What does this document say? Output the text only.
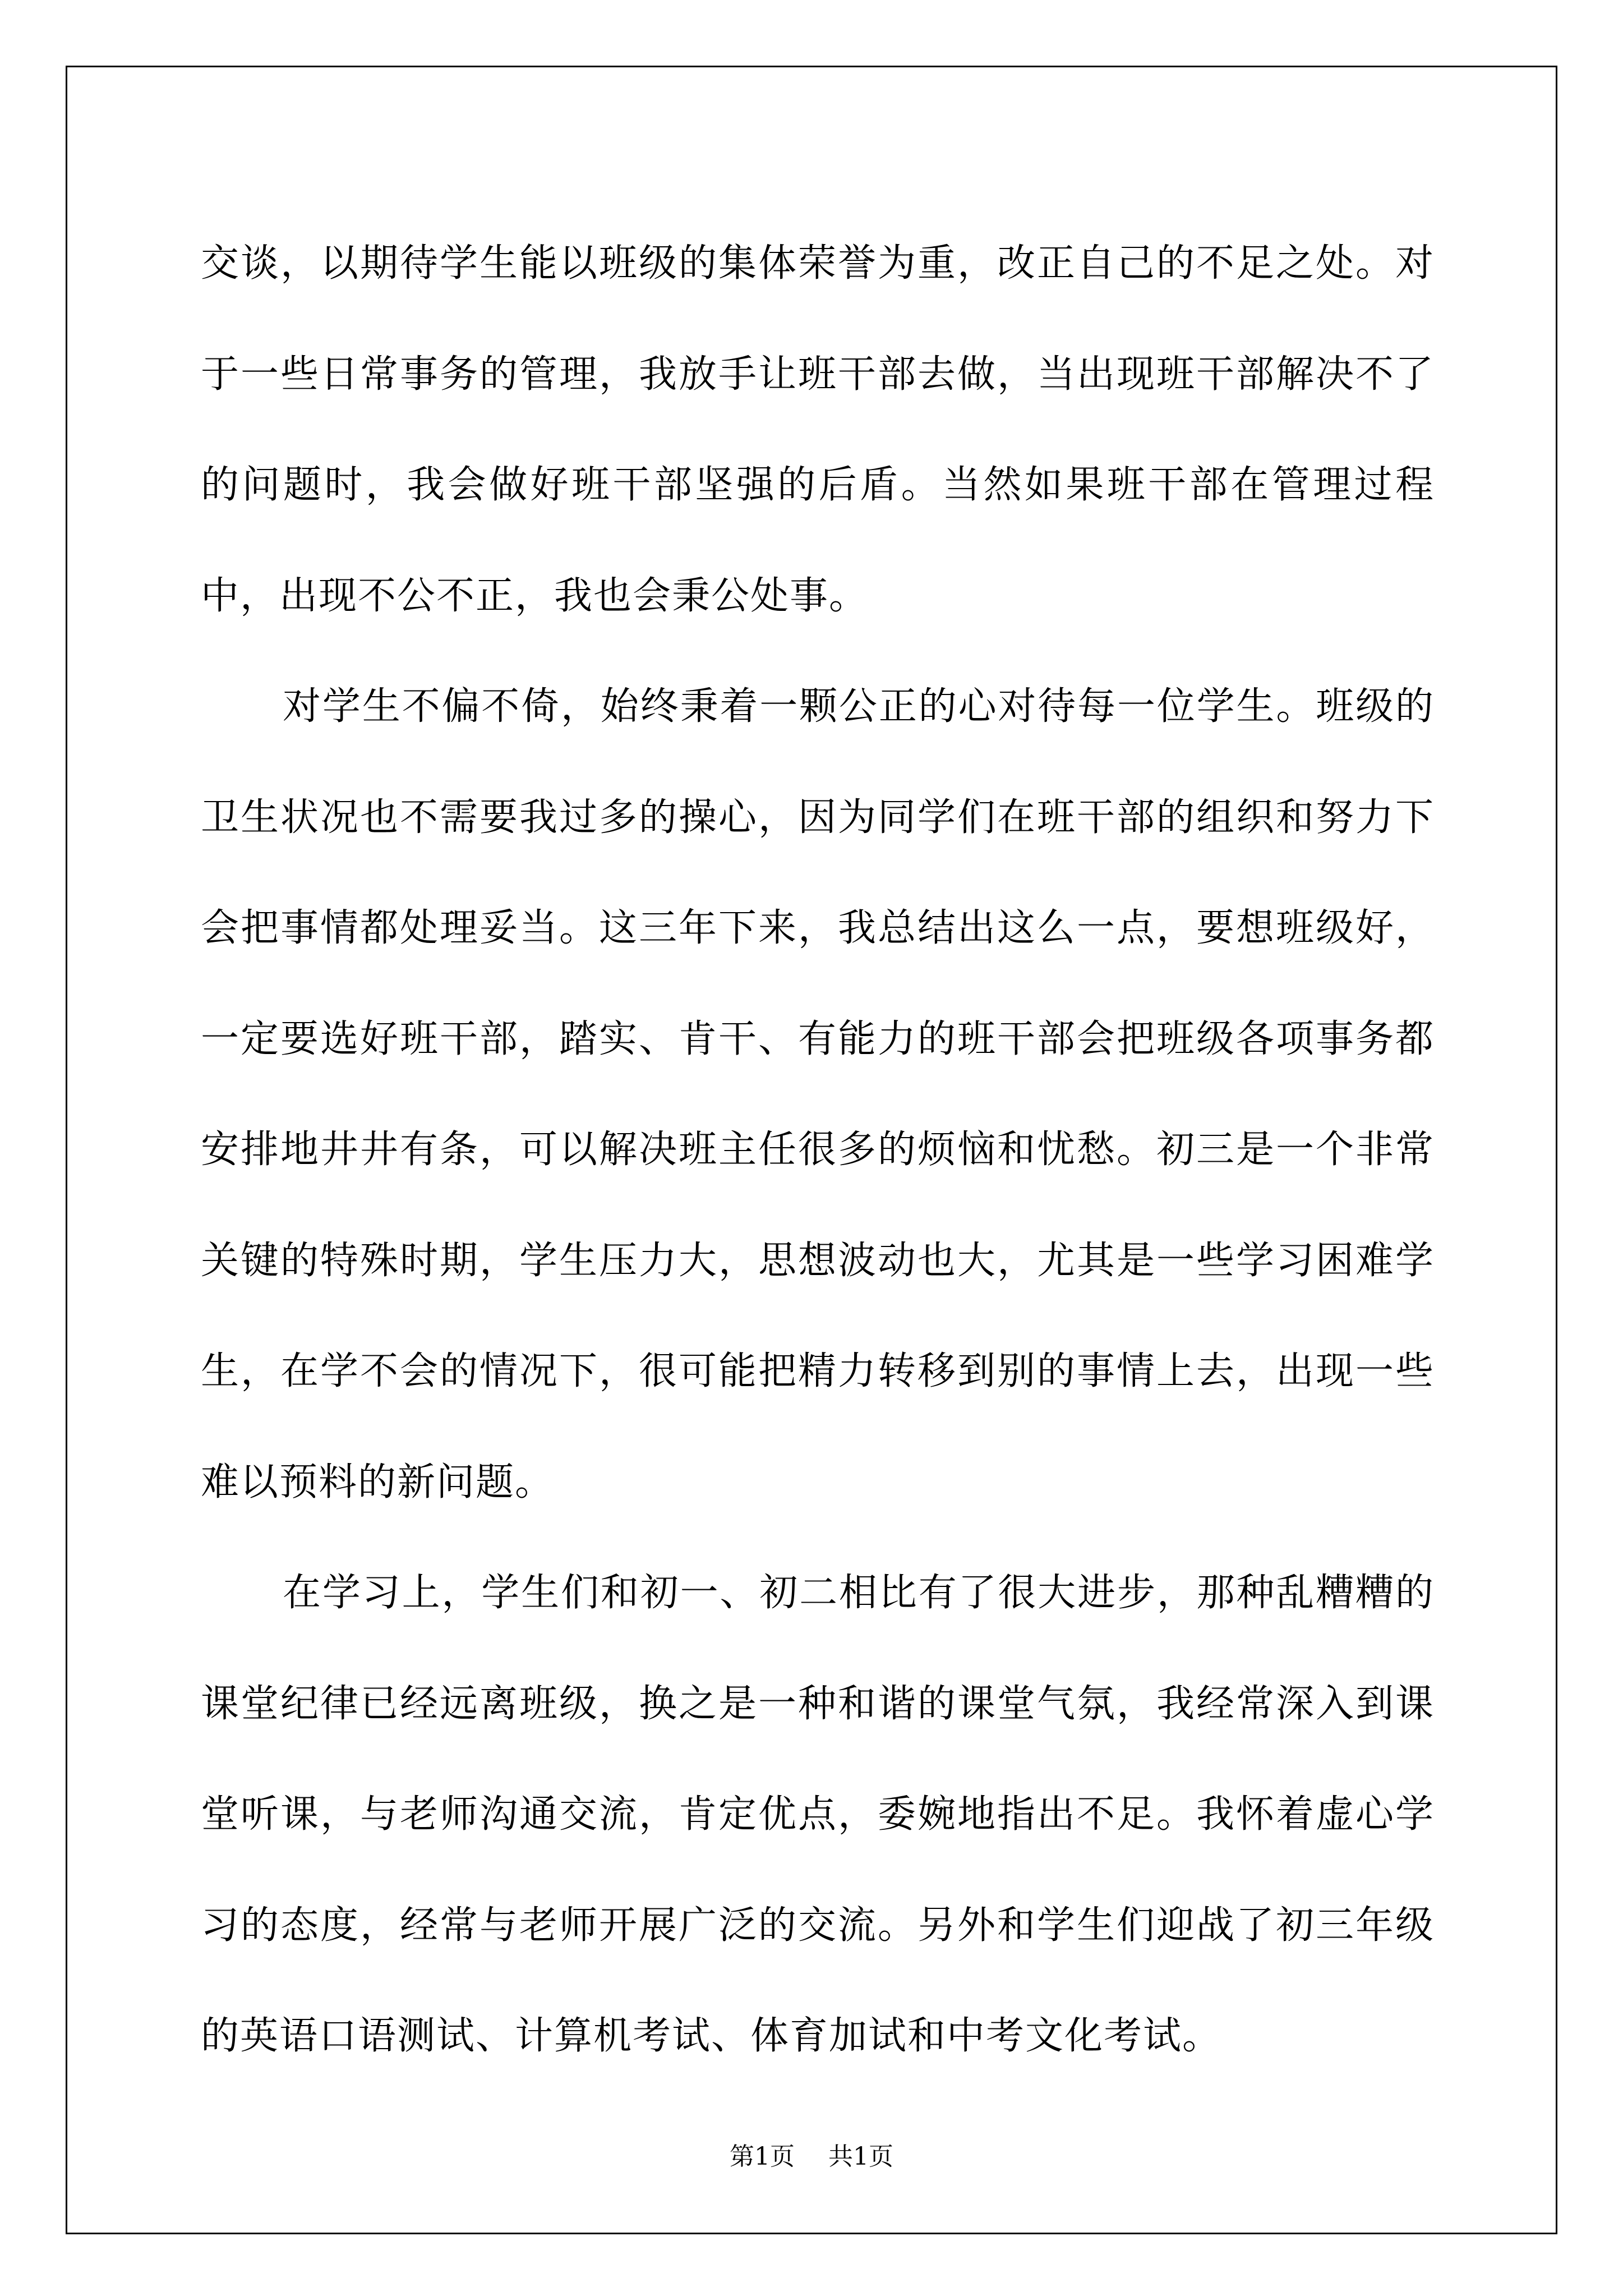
交谈，以期待学生能以班级的集体荣誉为重，改正自己的不足之处。对于一些日常事务的管理，我放手让班干部去做，当出现班干部解决不了的问题时，我会做好班干部坚强的后盾。当然如果班干部在管理过程中，出现不公不正，我也会秉公处事。

对学生不偏不倚，始终秉着一颗公正的心对待每一位学生。班级的卫生状况也不需要我过多的操心，因为同学们在班干部的组织和努力下会把事情都处理妥当。这三年下来，我总结出这么一点，要想班级好，一定要选好班干部，踏实、肯干、有能力的班干部会把班级各项事务都安排地井井有条，可以解决班主任很多的烦恼和忧愁。初三是一个非常关键的特殊时期，学生压力大，思想波动也大，尤其是一些学习困难学生，在学不会的情况下，很可能把精力转移到别的事情上去，出现一些难以预料的新问题。

在学习上，学生们和初一、初二相比有了很大进步，那种乱糟糟的课堂纪律已经远离班级，换之是一种和谐的课堂气氛，我经常深入到课堂听课，与老师沟通交流，肯定优点，委婉地指出不足。我怀着虚心学习的态度，经常与老师开展广泛的交流。另外和学生们迎战了初三年级的英语口语测试、计算机考试、体育加试和中考文化考试。

第1页 共1页
